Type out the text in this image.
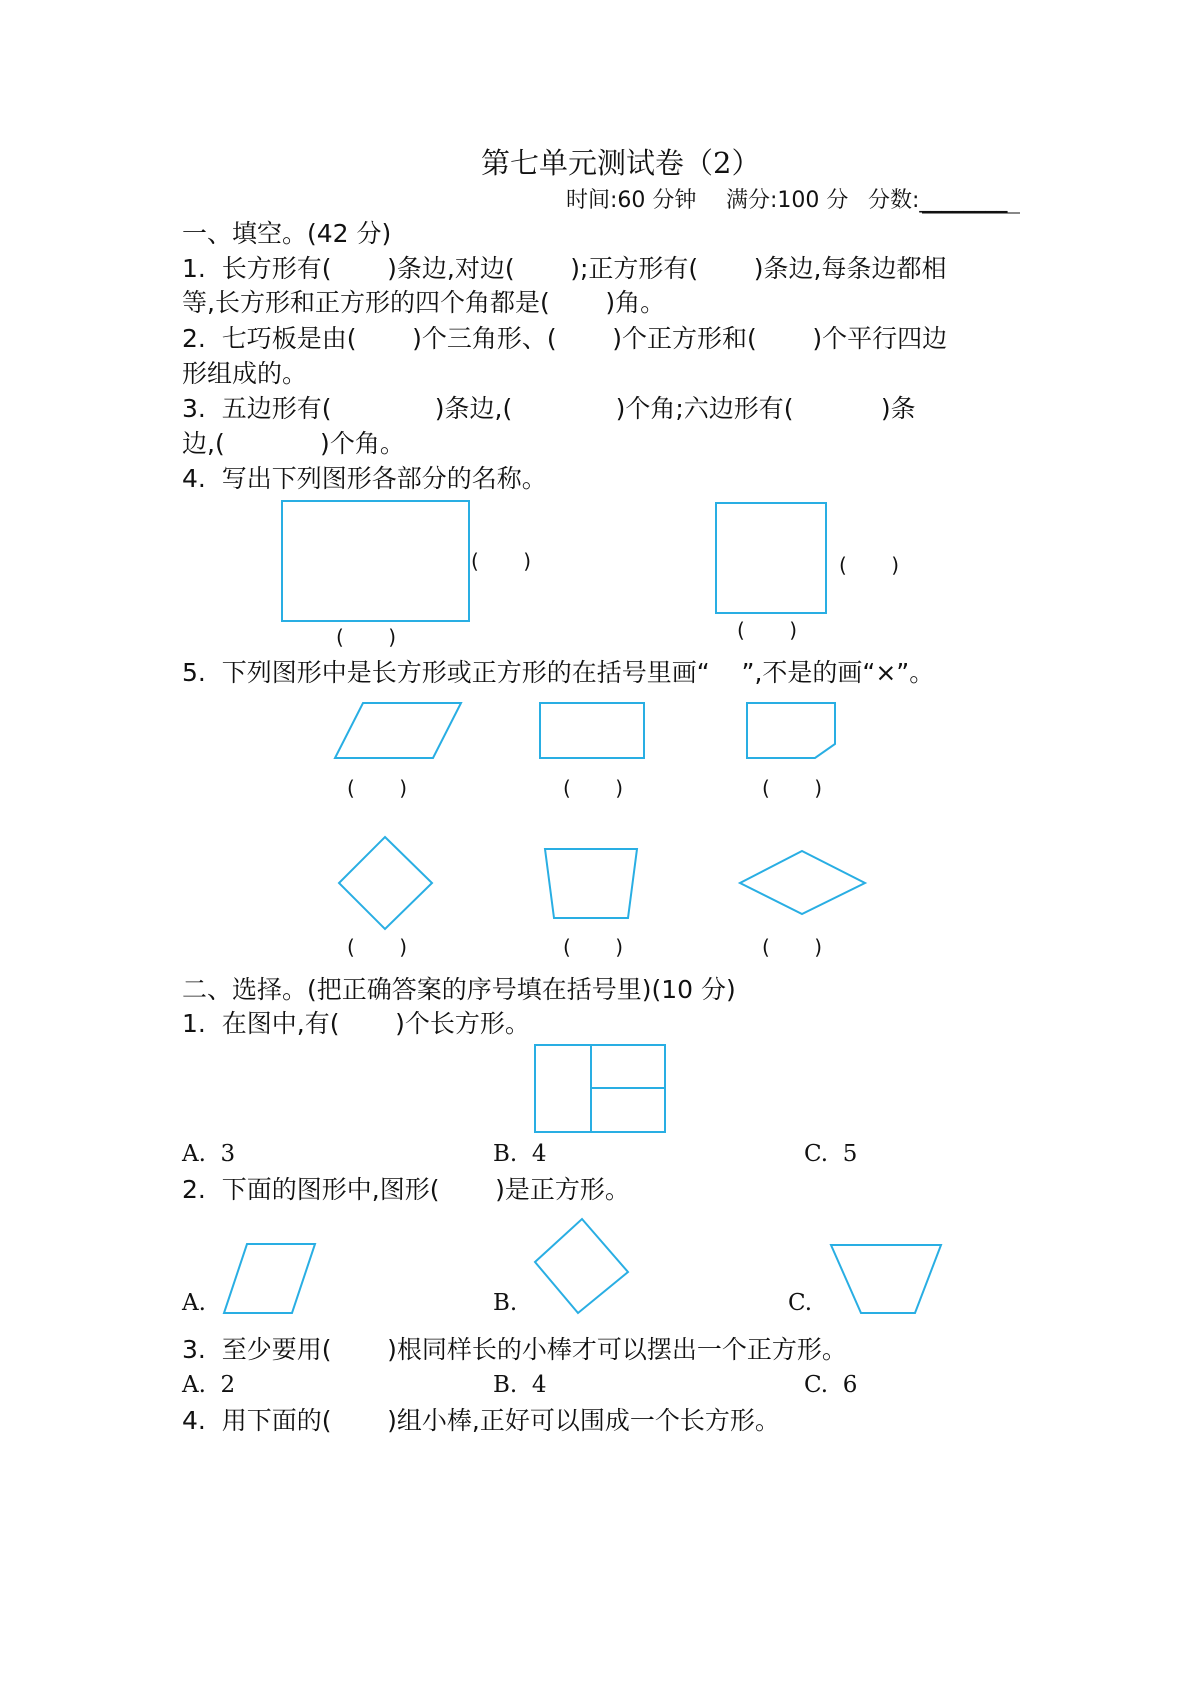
第七单元测试卷（2）
时间:60 分钟 满分:100 分 分数:________
一、填空。(42 分)
1.  长方形有(       )条边,对边(       );正方形有(       )条边,每条边都相
等,长方形和正方形的四个角都是(       )角。
2.  七巧板是由(       )个三角形、(       )个正方形和(       )个平行四边
形组成的。
3.  五边形有(             )条边,(             )个角;六边形有(           )条
边,(            )个角。
4.  写出下列图形各部分的名称。
(       )
(       )
(       )
(       )
5.  下列图形中是长方形或正方形的在括号里画“    ”,不是的画“×”。
(       )	(       )	(       )
(       )	(       )	(       )
二、选择。(把正确答案的序号填在括号里)(10 分)
1.  在图中,有(       )个长方形。
A.  3	B.  4	C.  5
2.  下面的图形中,图形(       )是正方形。
A.	B.	C.
3.  至少要用(       )根同样长的小棒才可以摆出一个正方形。
A.  2	B.  4	C.  6
4.  用下面的(       )组小棒,正好可以围成一个长方形。
